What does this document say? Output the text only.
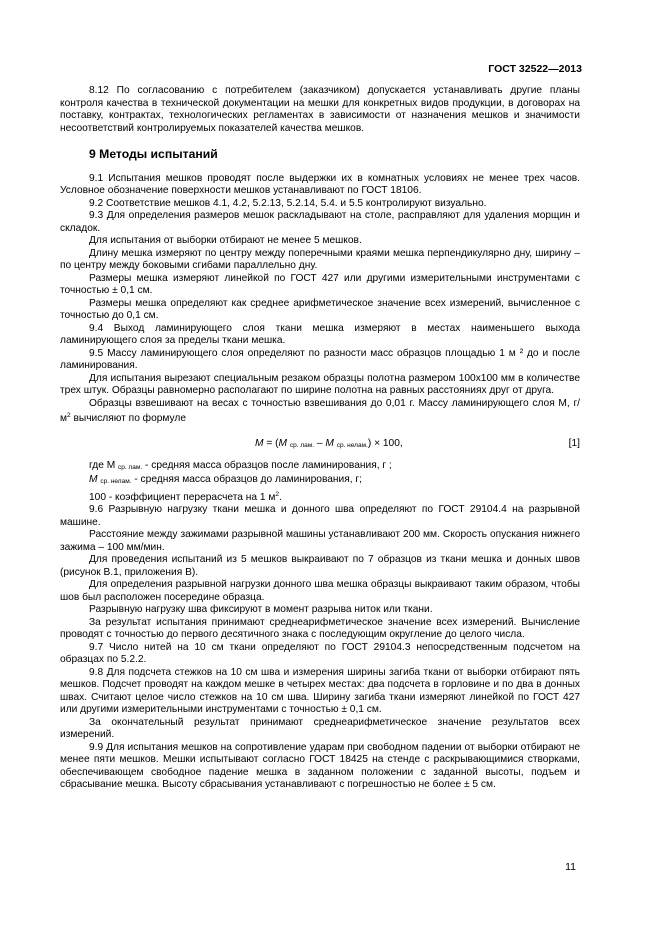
ГОСТ 32522—2013

8.12 По согласованию с потребителем (заказчиком) допускается устанавливать другие планы контроля качества в технической документации на мешки для конкретных видов продукции, в договорах на поставку, контрактах, технологических регламентах в зависимости от назначения мешков и значимости несоответствий контролируемых показателей качества мешков.

9 Методы испытаний

9.1 Испытания мешков проводят после выдержки их в комнатных условиях не менее трех часов. Условное обозначение поверхности мешков устанавливают по ГОСТ 18106.

9.2 Соответствие мешков 4.1, 4.2, 5.2.13, 5.2.14, 5.4. и 5.5 контролируют визуально.

9.3 Для определения размеров мешок раскладывают на столе, расправляют для удаления морщин и складок.

Для испытания от выборки отбирают не менее 5 мешков.

Длину мешка измеряют по центру между поперечными краями мешка перпендикулярно дну, ширину – по центру между боковыми сгибами параллельно дну.

Размеры мешка измеряют линейкой по ГОСТ 427 или другими измерительными инструментами с точностью ± 0,1 см.

Размеры мешка определяют как среднее арифметическое значение всех измерений, вычисленное с точностью до 0,1 см.

9.4 Выход ламинирующего слоя ткани мешка измеряют в местах наименьшего выхода ламинирующего слоя за пределы ткани мешка.

9.5 Массу ламинирующего слоя определяют по разности масс образцов площадью 1 м ² до и после ламинирования.

Для испытания вырезают специальным резаком образцы полотна размером 100х100 мм в количестве трех штук. Образцы равномерно располагают по ширине полотна на равных расстояниях друг от друга.

Образцы взвешивают на весах с точностью взвешивания до 0,01 г. Массу ламинирующего слоя М, г/ $м^2$ вычисляют по формуле

M = (M $_{ср. лам.}$ – M $_{ср. нелам.}$) × 100,	[1]

где М $_{ср. лам.}$ - средняя масса образцов после ламинирования, г ;

М $_{ср. нелам.}$ - средняя масса образцов до ламинирования, г;

100 - коэффициент перерасчета на 1 $м^2$.

9.6 Разрывную нагрузку ткани мешка и донного шва определяют по ГОСТ 29104.4 на разрывной машине.

Расстояние между зажимами разрывной машины устанавливают 200 мм. Скорость опускания нижнего зажима – 100 мм/мин.

Для проведения испытаний из 5 мешков выкраивают по 7 образцов из ткани мешка и донных швов (рисунок В.1, приложения В).

Для определения разрывной нагрузки донного шва мешка образцы выкраивают таким образом, чтобы шов был расположен посередине образца.

Разрывную нагрузку шва фиксируют в момент разрыва ниток или ткани.

За результат испытания принимают среднеарифметическое значение всех измерений. Вычисление проводят с точностью до первого десятичного знака с последующим округление до целого числа.

9.7 Число нитей на 10 см ткани определяют по ГОСТ 29104.3 непосредственным подсчетом на образцах по 5.2.2.

9.8 Для подсчета стежков на 10 см шва и измерения ширины загиба ткани от выборки отбирают пять мешков. Подсчет проводят на каждом мешке в четырех местах: два подсчета в горловине и по два в донных швах. Считают целое число стежков на 10 см шва. Ширину загиба ткани измеряют линейкой по ГОСТ 427 или другими измерительными инструментами с точностью ± 0,1 см.

За окончательный результат принимают среднеарифметическое значение результатов всех измерений.

9.9 Для испытания мешков на сопротивление ударам при свободном падении от выборки отбирают не менее пяти мешков. Мешки испытывают согласно ГОСТ 18425 на стенде с раскрывающимися створками, обеспечивающем свободное падение мешка в заданном положении с заданной высоты, подъем и сбрасывание мешка. Высоту сбрасывания устанавливают с погрешностью не более ± 5 см.

11
